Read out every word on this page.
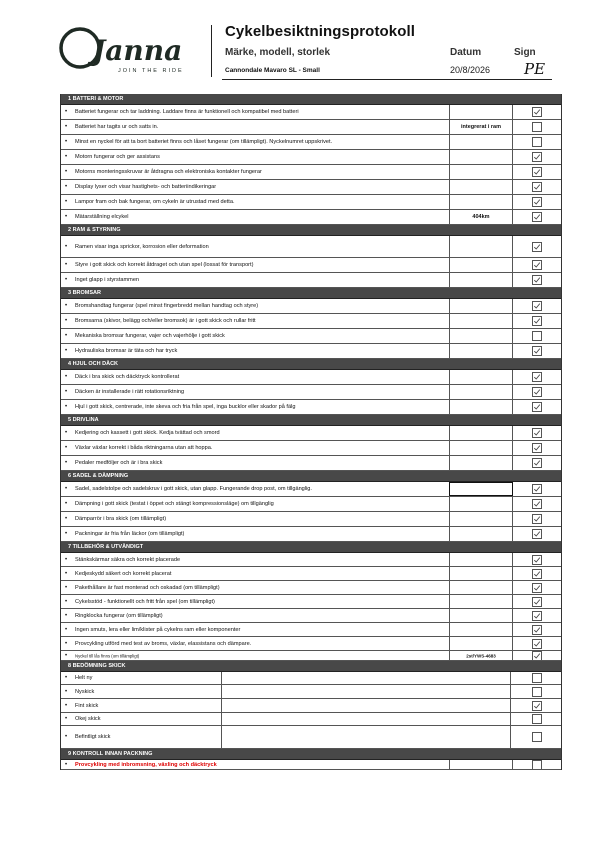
Janna
JOIN THE RIDE
Cykelbesiktningsprotokoll
Märke, modell, storlek	Datum	Sign
Cannondale Mavaro SL - Small	20/8/2026 PE
1 BATTERI & MOTOR
• Batteriet fungerar och tar laddning. Laddare finns är funktionell och kompatibel med batteri
• Batteriet har tagits ur och satts in.	integrerat i ram
• Minst en nyckel för att ta bort batteriet finns och låset fungerar (om tillämpligt). Nyckelnumret uppskrivet.
• Motorn fungerar och ger assistans
• Motorns monteringsskruvar är åtdragna och elektroniska kontakter fungerar
• Display lyser och visar hastighets- och batteriindikeringar
• Lampor fram och bak fungerar, om cykeln är utrustad med detta.
• Mätarställning elcykel	404km
2 RAM & STYRNING
• Ramen visar inga sprickor, korrosion eller deformation
• Styre i gott skick och korrekt åtdraget och utan spel (lossat för transport)
• Inget glapp i styrstammen
3 BROMSAR
• Bromshandtag fungerar (spel minst fingerbredd mellan handtag och styre)
• Bromsarna (skivor, belägg och/eller bromsok) är i gott skick och rullar fritt
• Mekaniska bromsar fungerar, vajer och vajerhölje i gott skick
• Hydrauliska bromsar är täta och har tryck
4 HJUL OCH DÄCK
• Däck i bra skick och däcktryck kontrollerat
• Däcken är installerade i rätt rotationsriktning
• Hjul i gott skick, centrerade, inte skeva och fria från spel, inga bucklor eller skador på fälg
5 DRIVLINA
• Kedjering och kassett i gott skick. Kedja tvättad och smord
• Växlar växlar korrekt i båda riktningarna utan att hoppa.
• Pedaler medföljer och är i bra skick
6 SADEL & DÄMPNING
• Sadel, sadelstolpe och sadelskruv i gott skick, utan glapp. Fungerande drop post, om tillgänglig.
• Dämpning i gott skick (testat i öppet och stängt kompressionsläge) om tillgänglig
• Dämparrör i bra skick (om tillämpligt)
• Packningar är fria från läckor (om tillämpligt)
7 TILLBEHÖR & UTVÄNDIGT
• Stänkskärmar säkra och korrekt placerade
• Kedjeskydd säkert och korrekt placerat
• Pakethållare är fast monterad och oskadad (om tillämpligt)
• Cykelsstöd - funktionellt och fritt från spel (om tillämpligt)
• Ringklocka fungerar (om tillämpligt)
• Ingen smuts, lera eller lim/klister på cykelns ram eller komponenter
• Provcykling utförd med test av broms, växlar, elassistans och dämpare.
• Nyckel till lås finns (om tillämpligt)	2st/YWS-4683
8 BEDÖMNING SKICK
• Helt ny
• Nyskick
• Fint skick
• Okej skick
• Befintligt skick
9 KONTROLL INNAN PACKNING
• Provcykling med inbromsning, växling och däcktryck
